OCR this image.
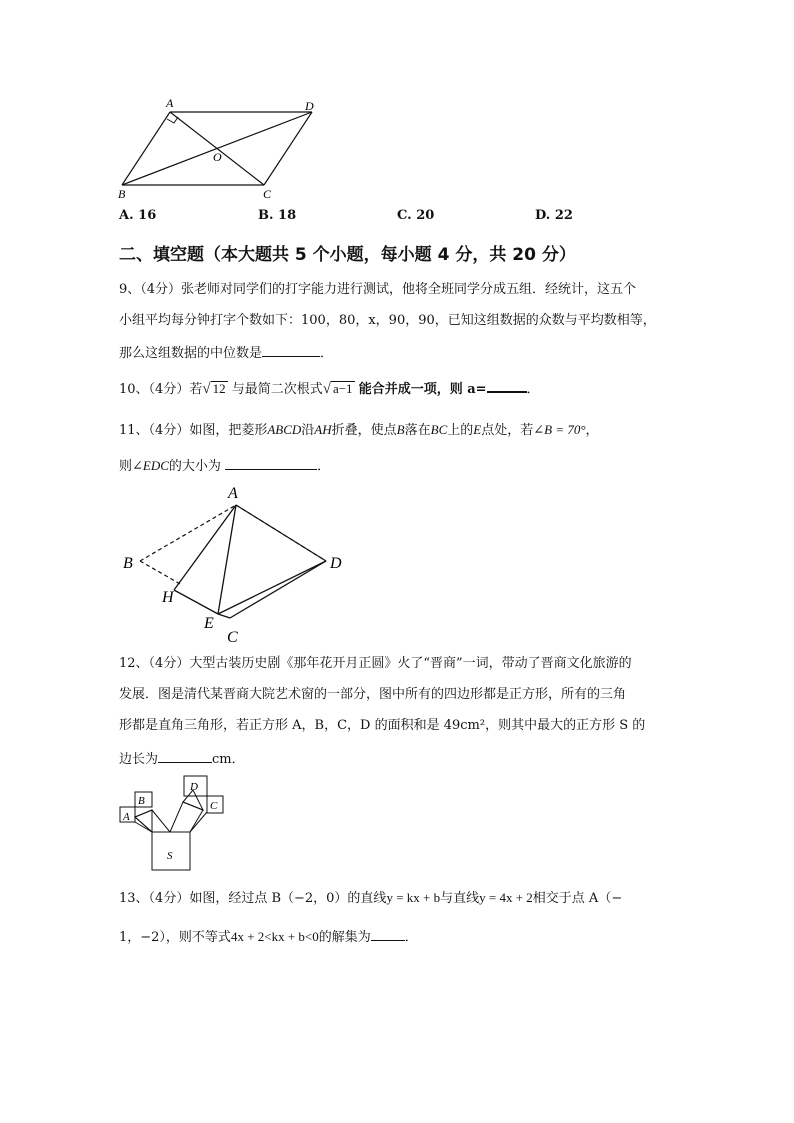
A	D
B	C
O
A. 16	B. 18	C. 20	D. 22
二、填空题（本大题共 5 个小题，每小题 4 分，共 20 分）
9、（4分）张老师对同学们的打字能力进行测试，他将全班同学分成五组．经统计，这五个
小组平均每分钟打字个数如下：100，80，x，90，90，已知这组数据的众数与平均数相等，
那么这组数据的中位数是	．
10、（4分）若√ 12 与最简二次根式√ a−1 能合并成一项，则 a=	．
11、（4分）如图，把菱形ABCD沿AH折叠，使点B落在BC上的E点处，若∠B = 70°，
则∠EDC的大小为	．
A
B	D
H
E
C
12、（4分）大型古装历史剧《那年花开月正圆》火了“晋商”一词，带动了晋商文化旅游的
发展．图是清代某晋商大院艺术窗的一部分，图中所有的四边形都是正方形，所有的三角
形都是直角三角形，若正方形 A，B，C，D 的面积和是 49cm²，则其中最大的正方形 S 的
边长为	cm．
A
B
D
C
S
13、（4分）如图，经过点 B（−2，0）的直线y = kx + b与直线y = 4x + 2相交于点 A（−
1，−2），则不等式4x + 2<kx + b<0的解集为	．
